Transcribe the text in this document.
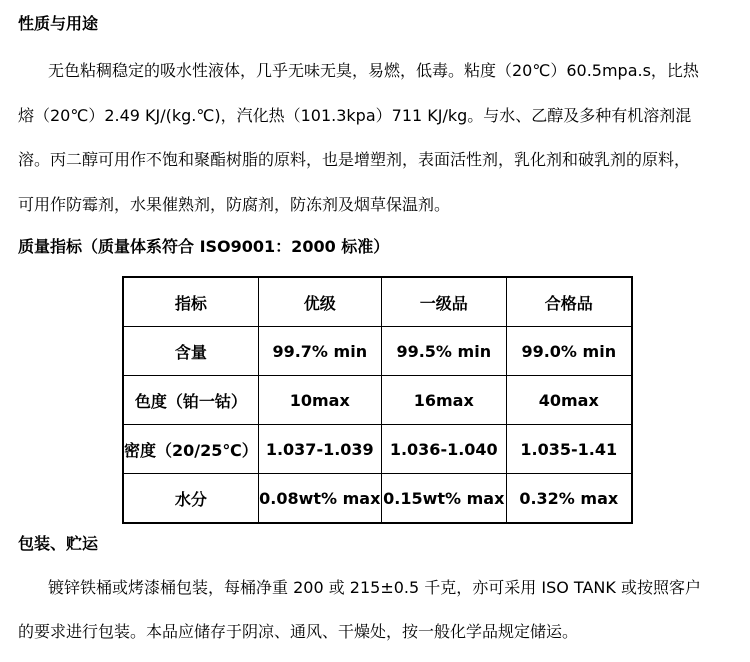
性质与用途
无色粘稠稳定的吸水性液体，几乎无味无臭，易燃，低毒。粘度（20℃）60.5mpa.s，比热
熔（20℃）2.49 KJ/(kg.℃)，汽化热（101.3kpa）711 KJ/kg。与水、乙醇及多种有机溶剂混
溶。丙二醇可用作不饱和聚酯树脂的原料，也是增塑剂，表面活性剂，乳化剂和破乳剂的原料，
可用作防霉剂，水果催熟剂，防腐剂，防冻剂及烟草保温剂。
质量指标（质量体系符合 ISO9001：2000 标准）
指标	优级	一级品	合格品
含量	99.7% min	99.5% min	99.0% min
色度（铂一钴）	10max	16max	40max
密度（20/25℃）	1.037-1.039	1.036-1.040	1.035-1.41
水分	0.08wt% max	0.15wt% max	0.32% max
包装、贮运
镀锌铁桶或烤漆桶包装，每桶净重 200 或 215±0.5 千克，亦可采用 ISO TANK 或按照客户
的要求进行包装。本品应储存于阴凉、通风、干燥处，按一般化学品规定储运。
